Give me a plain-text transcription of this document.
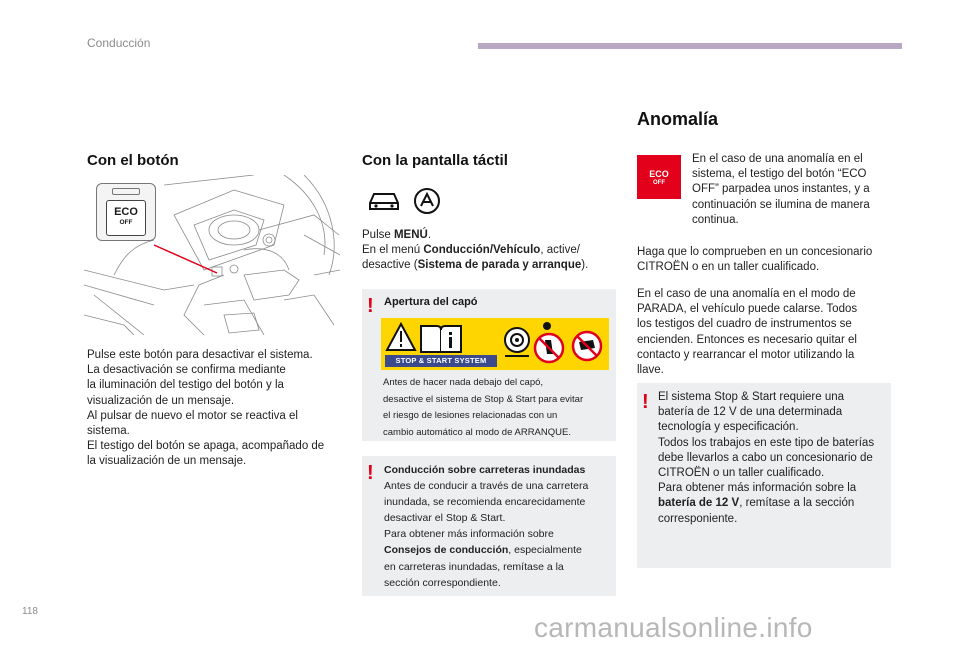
Conducción
118
Con el botón
ECO
OFF

Pulse este botón para desactivar el sistema.

La desactivación se confirma mediante

la iluminación del testigo del botón y la

visualización de un mensaje.

Al pulsar de nuevo el motor se reactiva el

sistema.

El testigo del botón se apaga, acompañado de

la visualización de un mensaje.

Con la pantalla táctil

Pulse MENÚ.

En el menú Conducción/Vehículo, active/

desactive (Sistema de parada y arranque).

! Apertura del capó
STOP & START SYSTEM
Antes de hacer nada debajo del capó,
desactive el sistema de Stop & Start para evitar
el riesgo de lesiones relacionadas con un
cambio automático al modo de ARRANQUE.
! Conducción sobre carreteras inundadas
Antes de conducir a través de una carretera
inundada, se recomienda encarecidamente
desactivar el Stop & Start.
Para obtener más información sobre
Consejos de conducción, especialmente
en carreteras inundadas, remítase a la
sección correspondiente.
Anomalía
ECO
OFF

En el caso de una anomalía en el

sistema, el testigo del botón “ECO

OFF” parpadea unos instantes, y a

continuación se ilumina de manera

continua.

Haga que lo comprueben en un concesionario

CITROËN o en un taller cualificado.

En el caso de una anomalía en el modo de

PARADA, el vehículo puede calarse. Todos

los testigos del cuadro de instrumentos se

encienden. Entonces es necesario quitar el

contacto y rearrancar el motor utilizando la

llave.

! El sistema Stop & Start requiere una

batería de 12 V de una determinada

tecnología y especificación.

Todos los trabajos en este tipo de baterías

debe llevarlos a cabo un concesionario de

CITROËN o un taller cualificado.

Para obtener más información sobre la

batería de 12 V, remítase a la sección

corresponiente.

carmanualsonline.info
